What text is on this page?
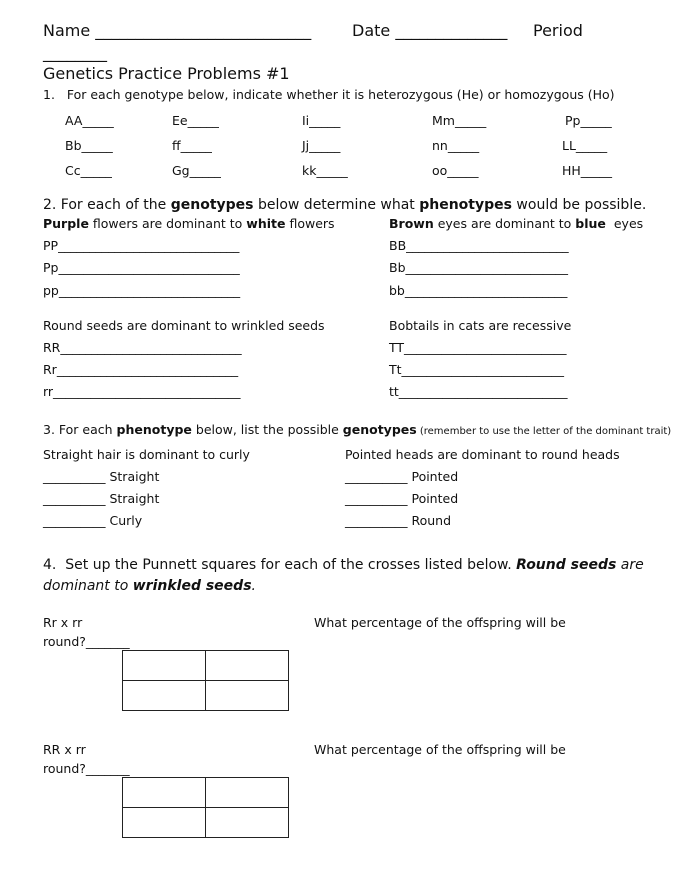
Name ___________________________	Date ______________ Period
________
Genetics Practice Problems #1
1.   For each genotype below, indicate whether it is heterozygous (He) or homozygous (Ho)
AA_____	Ee_____	Ii_____	Mm_____	Pp_____
Bb_____	ff_____	Jj_____	nn_____	LL_____
Cc_____	Gg_____	kk_____	oo_____	HH_____
2. For each of the genotypes below determine what phenotypes would be possible.
Purple flowers are dominant to white flowers	Brown eyes are dominant to blue  eyes
PP_____________________________
Pp_____________________________
pp_____________________________
BB__________________________
Bb__________________________
bb__________________________
Round seeds are dominant to wrinkled seeds	Bobtails in cats are recessive
RR_____________________________
Rr_____________________________
rr______________________________
TT__________________________
Tt__________________________
tt___________________________
3. For each phenotype below, list the possible genotypes (remember to use the letter of the dominant trait)
Straight hair is dominant to curly	Pointed heads are dominant to round heads
__________ Straight
__________ Straight
__________ Curly
__________ Pointed
__________ Pointed
__________ Round
4.  Set up the Punnett squares for each of the crosses listed below. Round seeds are
dominant to wrinkled seeds.
Rr x rr	What percentage of the offspring will be
round?_______

RR x rr	What percentage of the offspring will be
round?_______
